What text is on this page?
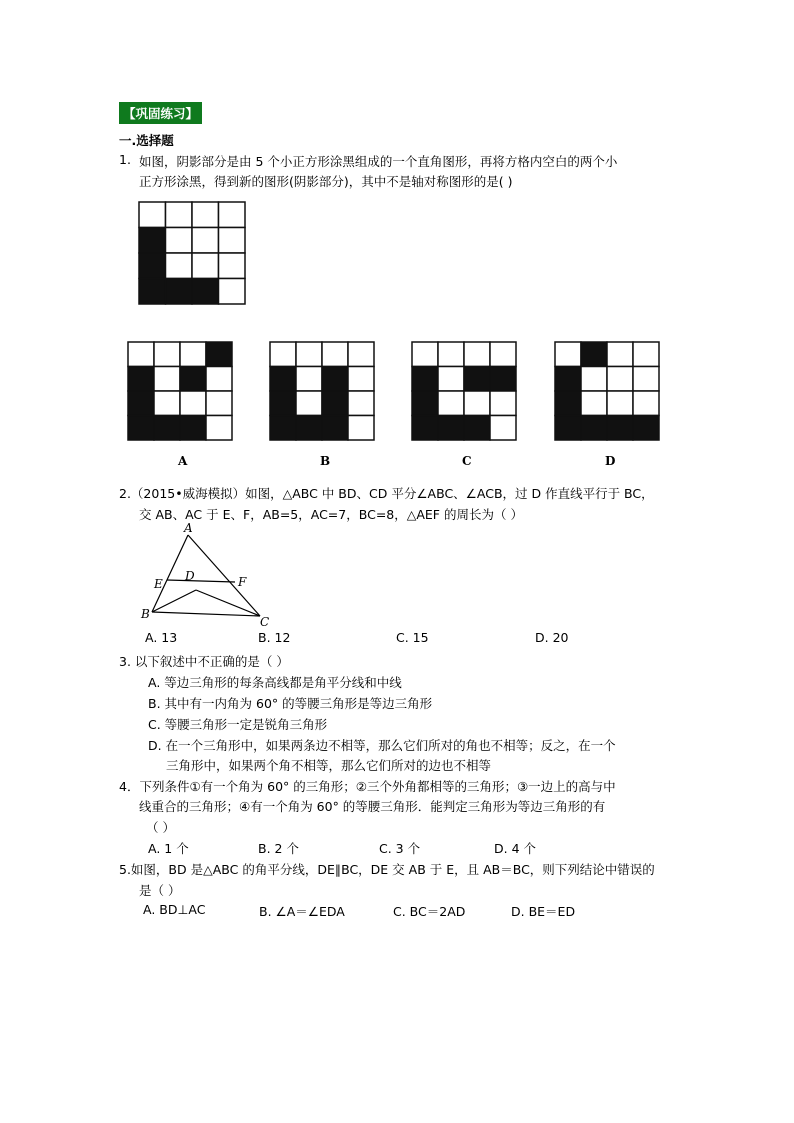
【巩固练习】
一.选择题
1. 如图，阴影部分是由 5 个小正方形涂黑组成的一个直角图形，再将方格内空白的两个小
正方形涂黑，得到新的图形(阴影部分)，其中不是轴对称图形的是( )
A	B	C	D
2.（2015•威海模拟）如图，△ABC 中 BD、CD 平分∠ABC、∠ACB，过 D 作直线平行于 BC，
交 AB、AC 于 E、F，AB=5，AC=7，BC=8，△AEF 的周长为（ ）
A
E
D	F
B
C
A. 13	B. 12	C. 15	D. 20
3. 以下叙述中不正确的是（ ）
A. 等边三角形的每条高线都是角平分线和中线
B. 其中有一内角为 60° 的等腰三角形是等边三角形
C. 等腰三角形一定是锐角三角形
D. 在一个三角形中，如果两条边不相等，那么它们所对的角也不相等；反之，在一个
三角形中，如果两个角不相等，那么它们所对的边也不相等
4．下列条件①有一个角为 60° 的三角形；②三个外角都相等的三角形；③一边上的高与中
线重合的三角形；④有一个角为 60° 的等腰三角形．能判定三角形为等边三角形的有
（ ）
A. 1 个	B. 2 个	C. 3 个	D. 4 个
5.如图，BD 是△ABC 的角平分线，DE∥BC，DE 交 AB 于 E，且 AB＝BC，则下列结论中错误的
是（ ）
A. BD⊥AC	B. ∠A＝∠EDA	C. BC＝2AD	D. BE＝ED
